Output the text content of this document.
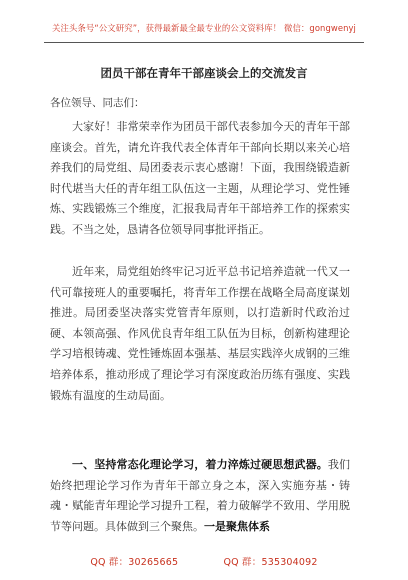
关注头条号“公文研究”，获得最新最全最专业的公文资料库！ 微信：gongwenyj
团员干部在青年干部座谈会上的交流发言
各位领导、同志们：

大家好！非常荣幸作为团员干部代表参加今天的青年干部座谈会。首先，请允许我代表全体青年干部向长期以来关心培养我们的局党组、局团委表示衷心感谢！下面，我围绕锻造新时代堪当大任的青年组工队伍这一主题，从理论学习、党性锤炼、实践锻炼三个维度，汇报我局青年干部培养工作的探索实践。不当之处，恳请各位领导同事批评指正。

近年来，局党组始终牢记习近平总书记培养造就一代又一代可靠接班人的重要嘱托，将青年工作摆在战略全局高度谋划推进。局团委坚决落实党管青年原则，以打造新时代政治过硬、本领高强、作风优良青年组工队伍为目标，创新构建理论学习培根铸魂、党性锤炼固本强基、基层实践淬火成钢的三维培养体系，推动形成了理论学习有深度政治历练有强度、实践锻炼有温度的生动局面。

一、坚持常态化理论学习，着力淬炼过硬思想武器。我们始终把理论学习作为青年干部立身之本，深入实施夯基・铸魂・赋能青年理论学习提升工程，着力破解学不致用、学用脱节等问题。具体做到三个聚焦。一是聚焦体系

QQ 群：30265665	QQ 群：535304092
